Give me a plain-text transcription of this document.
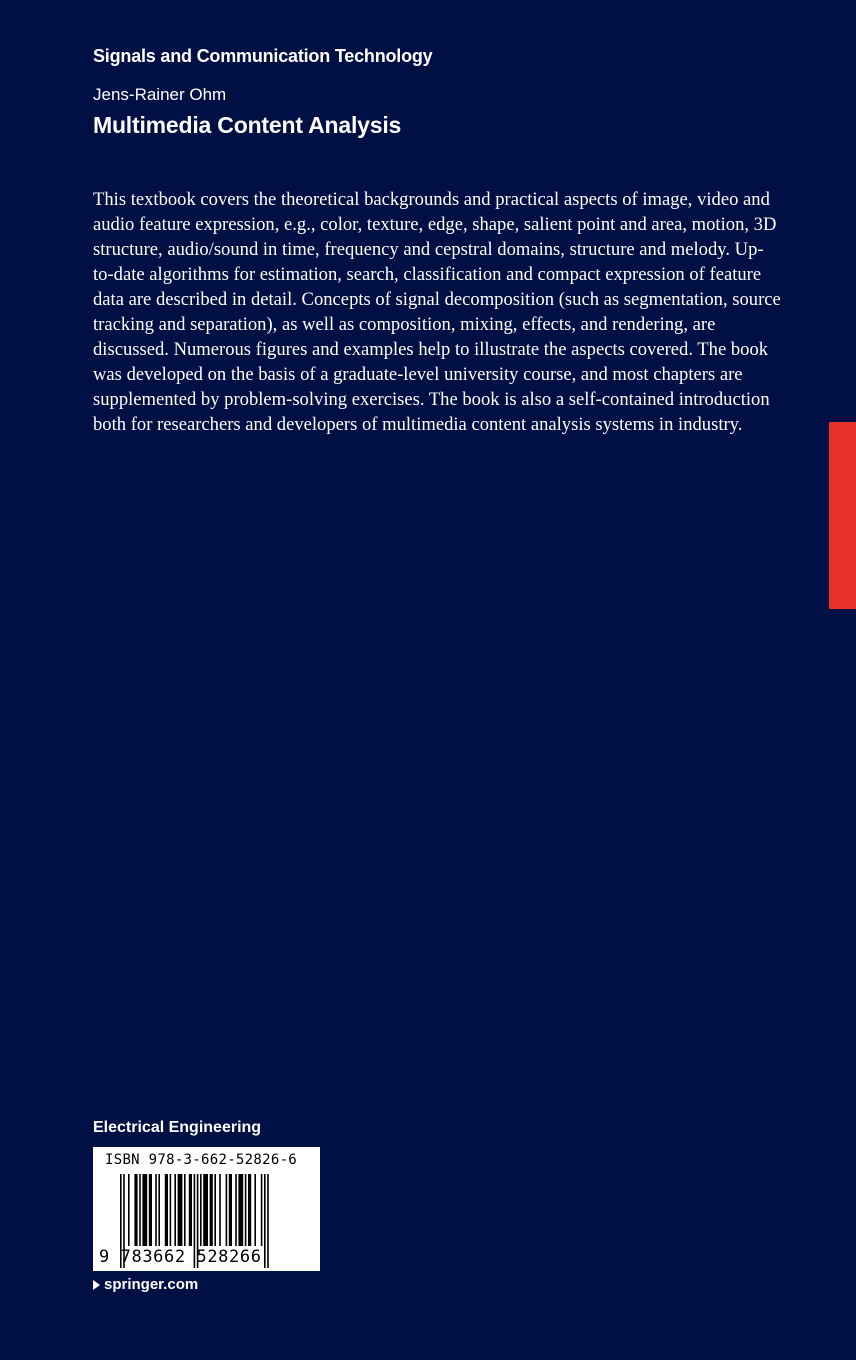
Signals and Communication Technology
Jens-Rainer Ohm
Multimedia Content Analysis

This textbook covers the theoretical backgrounds and practical aspects of image, video and audio feature expression, e.g., color, texture, edge, shape, salient point and area, motion, 3D structure, audio/sound in time, frequency and cepstral domains, structure and melody. Up-to-date algorithms for estimation, search, classification and compact expression of feature data are described in detail. Concepts of signal decomposition (such as segmentation, source tracking and separation), as well as composition, mixing, effects, and rendering, are discussed. Numerous figures and examples help to illustrate the aspects covered. The book was developed on the basis of a graduate-level university course, and most chapters are supplemented by problem-solving exercises. The book is also a self-contained introduction both for researchers and developers of multimedia content analysis systems in industry.

Electrical Engineering
ISBN 978-3-662-52826-6
9 783662 528266
springer.com
